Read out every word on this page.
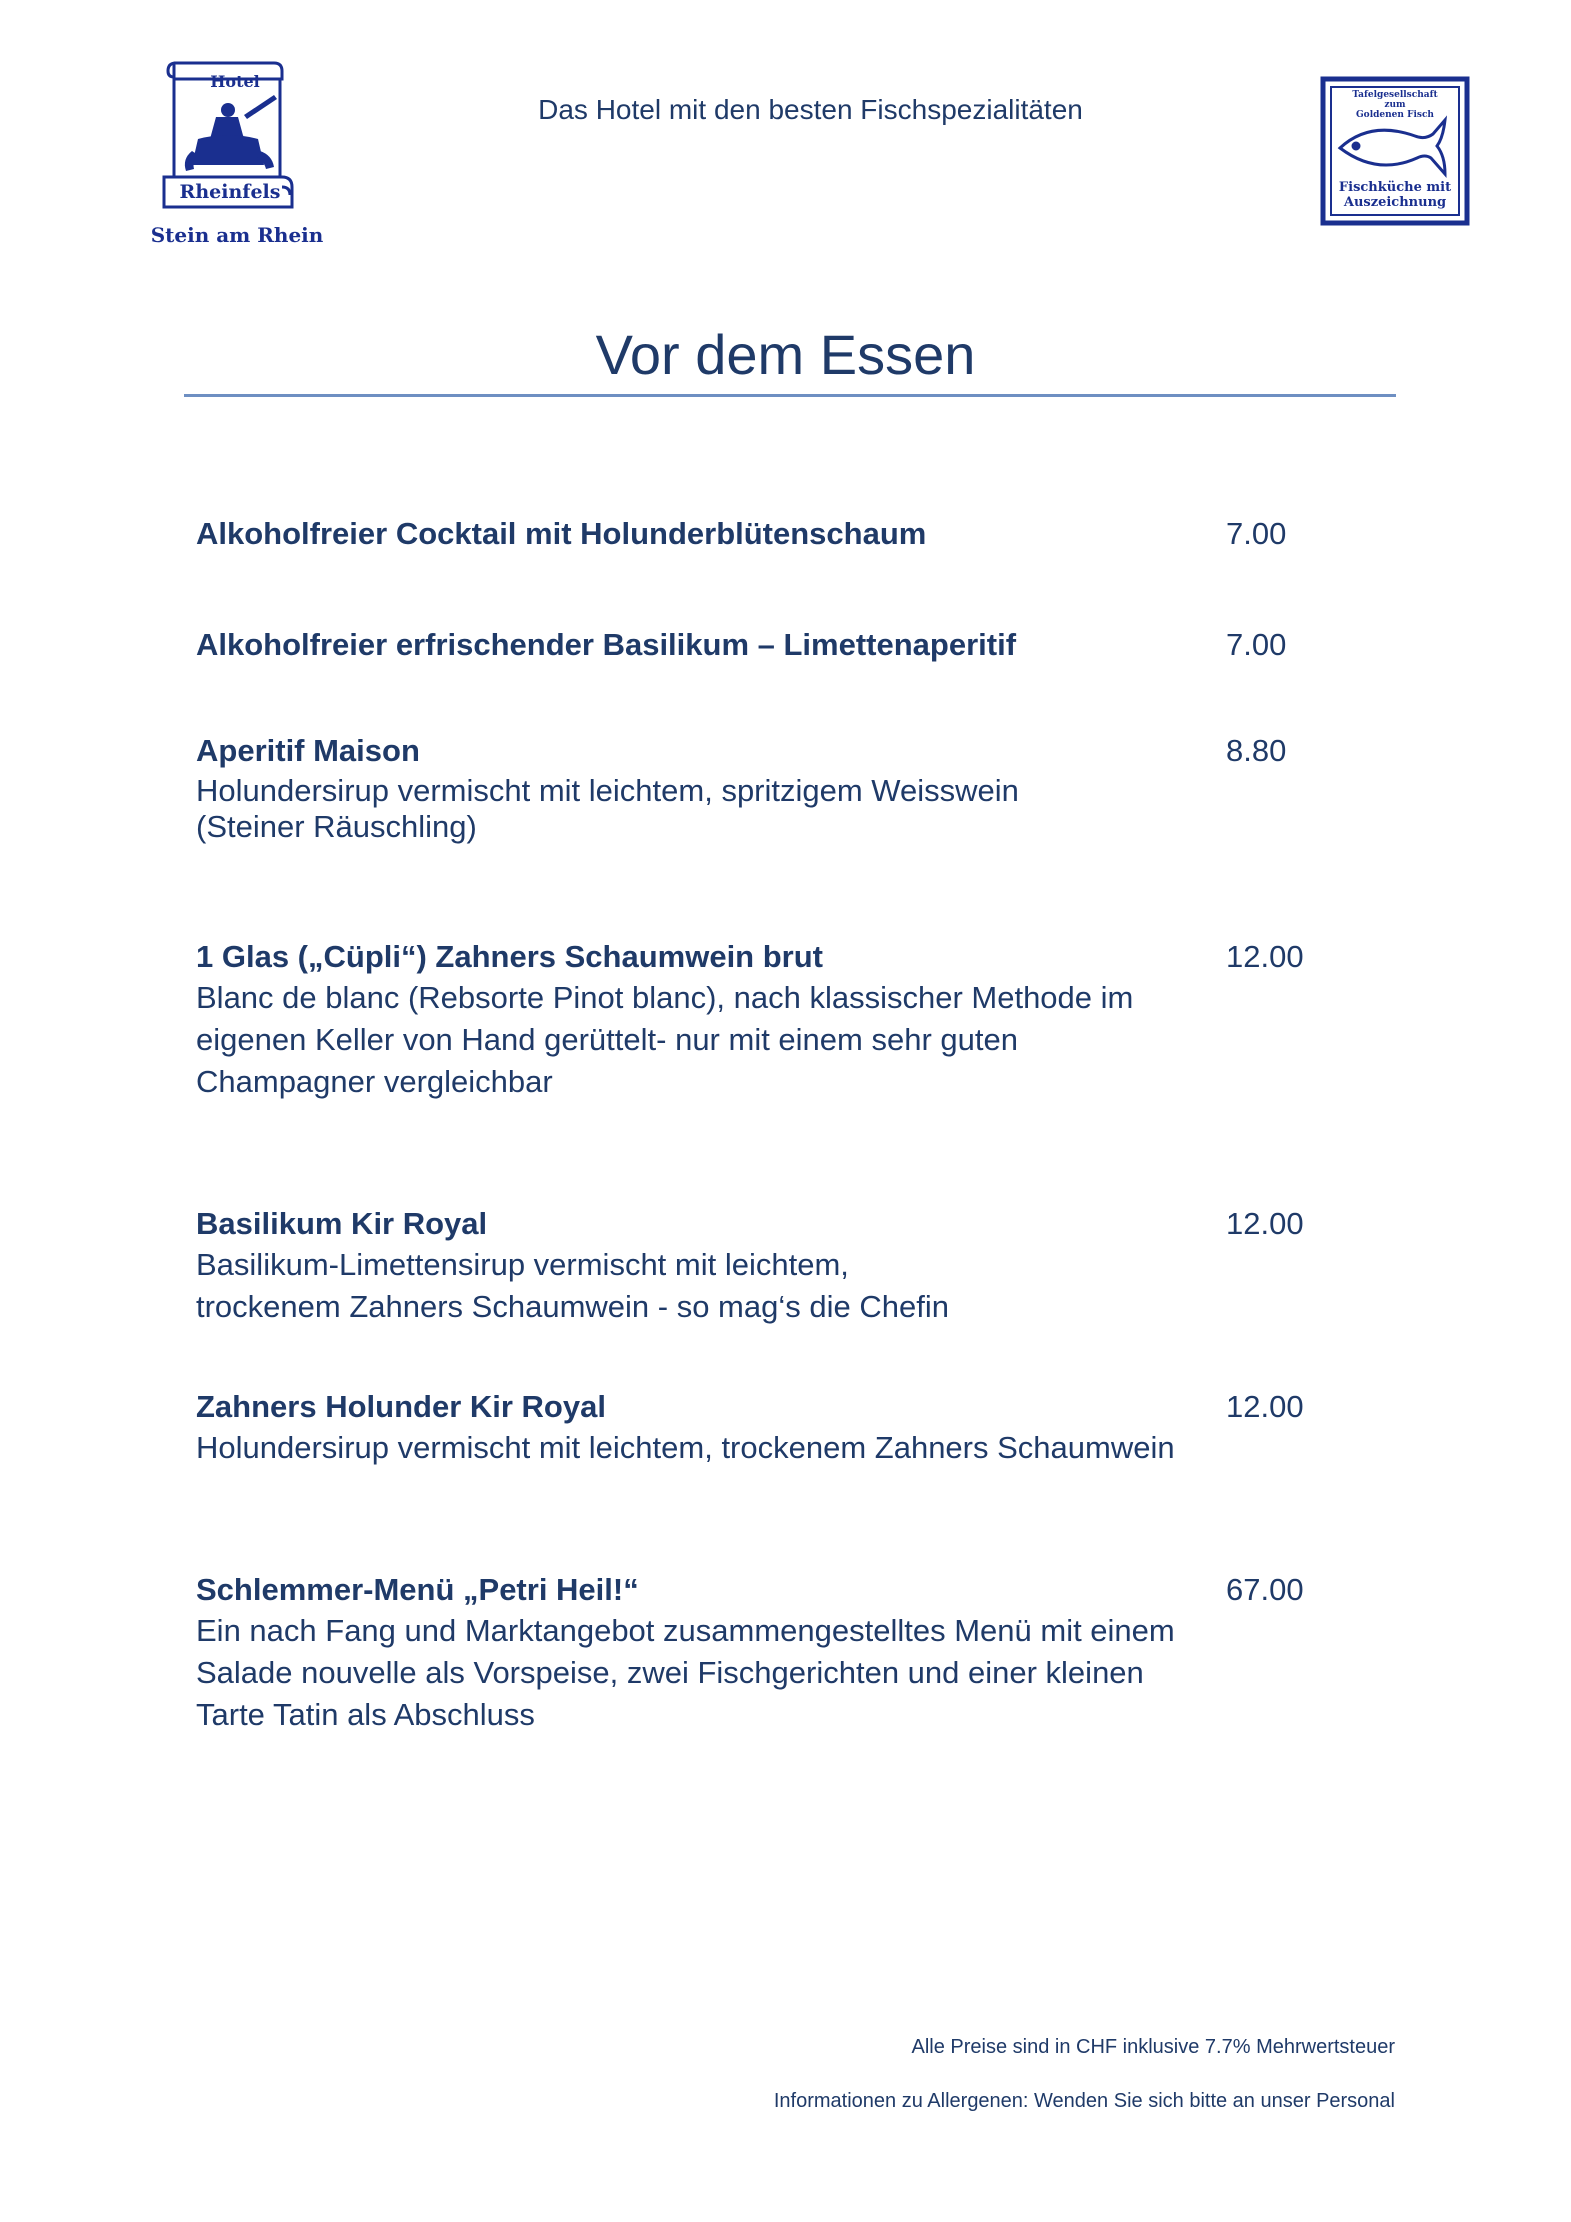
Hotel
Rheinfels
Stein am Rhein
Das Hotel mit den besten Fischspezialitäten	Tafelgesellschaft
zum
Goldenen Fisch
Fischküche mit
Auszeichnung
Vor dem Essen
Alkoholfreier Cocktail mit Holunderblütenschaum	7.00
Alkoholfreier erfrischender Basilikum – Limettenaperitif	7.00
Aperitif Maison	8.80
Holundersirup vermischt mit leichtem, spritzigem Weisswein
(Steiner Räuschling)
1 Glas („Cüpli“) Zahners Schaumwein brut	12.00
Blanc de blanc (Rebsorte Pinot blanc), nach klassischer Methode im
eigenen Keller von Hand gerüttelt- nur mit einem sehr guten
Champagner vergleichbar
Basilikum Kir Royal	12.00
Basilikum-Limettensirup vermischt mit leichtem,
trockenem Zahners Schaumwein - so mag‘s die Chefin
Zahners Holunder Kir Royal	12.00
Holundersirup vermischt mit leichtem, trockenem Zahners Schaumwein
Schlemmer-Menü „Petri Heil!“	67.00
Ein nach Fang und Marktangebot zusammengestelltes Menü mit einem
Salade nouvelle als Vorspeise, zwei Fischgerichten und einer kleinen
Tarte Tatin als Abschluss
Alle Preise sind in CHF inklusive 7.7% Mehrwertsteuer
Informationen zu Allergenen: Wenden Sie sich bitte an unser Personal
